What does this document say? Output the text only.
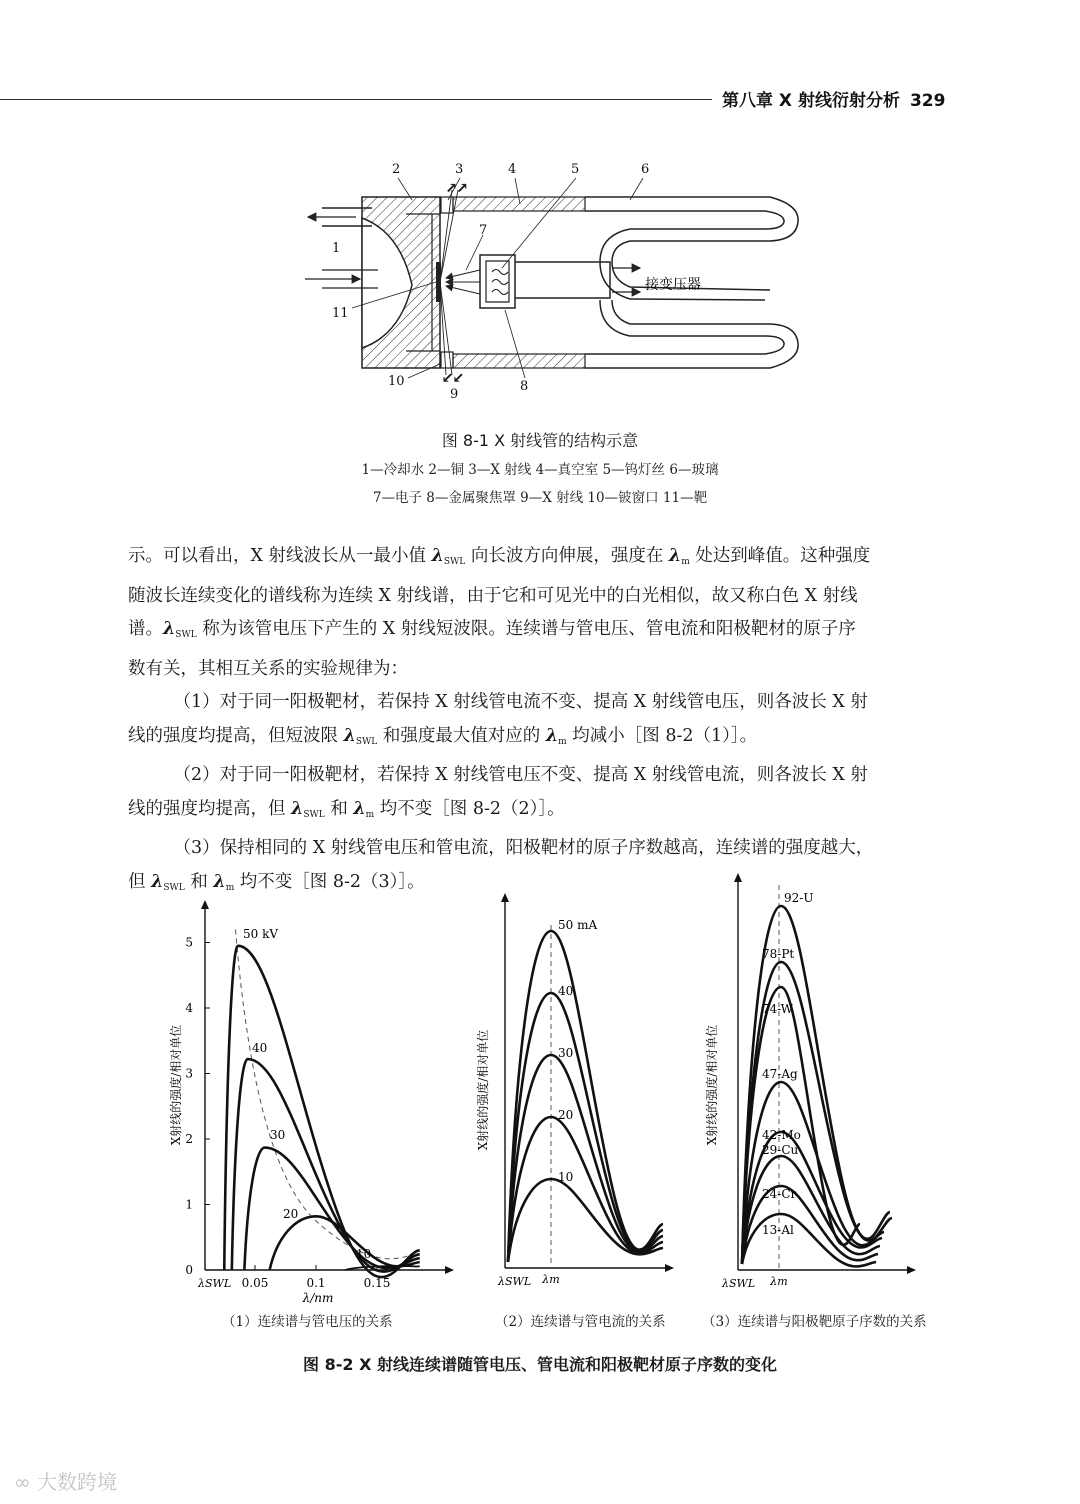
第八章 X 射线衍射分析 329
↗↗
↙↙
接变压器
1
2	3	4	5	6
7
8
9
10
11
图 8-1 X 射线管的结构示意
1—冷却水 2—铜 3—X 射线 4—真空室 5—钨灯丝 6—玻璃
7—电子 8—金属聚焦罩 9—X 射线 10—铍窗口 11—靶

示。可以看出，X 射线波长从一最小值 $\lambda_{SWL}$ 向长波方向伸展，强度在 $\lambda_m$ 处达到峰值。这种强度
随波长连续变化的谱线称为连续 X 射线谱，由于它和可见光中的白光相似，故又称白色 X 射线
谱。$\lambda_{SWL}$ 称为该管电压下产生的 X 射线短波限。连续谱与管电压、管电流和阳极靶材的原子序
数有关，其相互关系的实验规律为：

（1）对于同一阳极靶材，若保持 X 射线管电流不变、提高 X 射线管电压，则各波长 X 射
线的强度均提高，但短波限 $\lambda_{SWL}$ 和强度最大值对应的 $\lambda_m$ 均减小［图 8-2（1）］。

（2）对于同一阳极靶材，若保持 X 射线管电压不变、提高 X 射线管电流，则各波长 X 射
线的强度均提高，但 $\lambda_{SWL}$ 和 $\lambda_m$ 均不变［图 8-2（2）］。

（3）保持相同的 X 射线管电压和管电流，阳极靶材的原子序数越高，连续谱的强度越大，
但 $\lambda_{SWL}$ 和 $\lambda_m$ 均不变［图 8-2（3）］。

0
1
2
3
4
5
0.05	0.1	0.15
λSWL
λ/nm
X射线的强度/相对单位
50 kV
40
30
20
10
λSWL λm
X射线的强度/相对单位
50 mA
40
30
20
10
λSWL λm
X射线的强度/相对单位
92-U
78-Pt
74-W
47-Ag
42-Mo
29-Cu
24-Cr
13-Al
（1）连续谱与管电压的关系	（2）连续谱与管电流的关系	（3）连续谱与阳极靶原子序数的关系
图 8-2 X 射线连续谱随管电压、管电流和阳极靶材原子序数的变化
∞ 大数跨境
